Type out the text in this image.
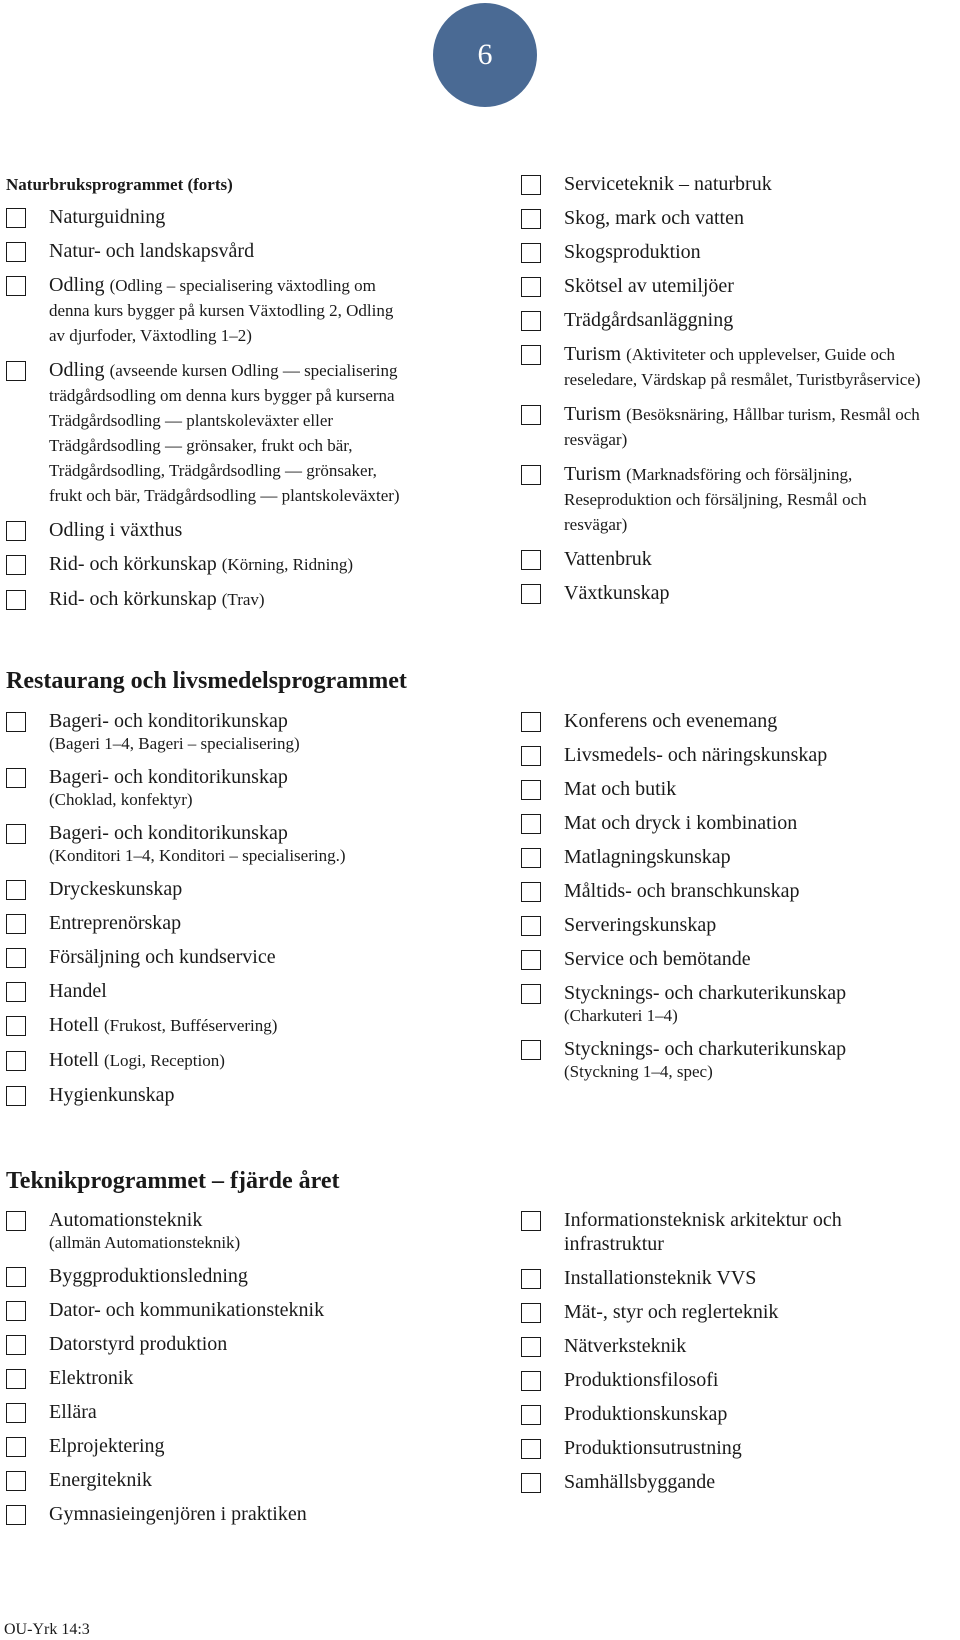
6
Naturbruksprogrammet (forts)
Naturguidning
Natur- och landskapsvård
Odling (Odling – specialisering växtodling om denna kurs bygger på kursen Växtodling 2, Odling av djurfoder, Växtodling 1–2)
Odling (avseende kursen Odling — specialisering trädgårdsodling om denna kurs bygger på kurserna Trädgårdsodling — plantskoleväxter eller Trädgårdsodling — grönsaker, frukt och bär, Trädgårdsodling, Trädgårdsodling — grönsaker, frukt och bär, Trädgårdsodling — plantskoleväxter)
Odling i växthus
Rid- och körkunskap (Körning, Ridning)
Rid- och körkunskap (Trav)
Serviceteknik – naturbruk
Skog, mark och vatten
Skogsproduktion
Skötsel av utemiljöer
Trädgårdsanläggning
Turism (Aktiviteter och upplevelser, Guide och reseledare, Värdskap på resmålet, Turistbyråservice)
Turism (Besöksnäring, Hållbar turism, Resmål och resvägar)
Turism (Marknadsföring och försäljning, Reseproduktion och försäljning, Resmål och resvägar)
Vattenbruk
Växtkunskap
Restaurang och livsmedelsprogrammet
Bageri- och konditorikunskap
(Bageri 1–4, Bageri – specialisering)
Bageri- och konditorikunskap
(Choklad, konfektyr)
Bageri- och konditorikunskap
(Konditori 1–4, Konditori – specialisering.)
Dryckeskunskap
Entreprenörskap
Försäljning och kundservice
Handel
Hotell (Frukost, Bufféservering)
Hotell (Logi, Reception)
Hygienkunskap
Konferens och evenemang
Livsmedels- och näringskunskap
Mat och butik
Mat och dryck i kombination
Matlagningskunskap
Måltids- och branschkunskap
Serveringskunskap
Service och bemötande
Stycknings- och charkuterikunskap
(Charkuteri 1–4)
Stycknings- och charkuterikunskap
(Styckning 1–4, spec)
Teknikprogrammet – fjärde året
Automationsteknik
(allmän Automationsteknik)
Byggproduktionsledning
Dator- och kommunikationsteknik
Datorstyrd produktion
Elektronik
Ellära
Elprojektering
Energiteknik
Gymnasieingenjören i praktiken
Informationsteknisk arkitektur och infrastruktur
Installationsteknik VVS
Mät-, styr och reglerteknik
Nätverksteknik
Produktionsfilosofi
Produktionskunskap
Produktionsutrustning
Samhällsbyggande
OU-Yrk 14:3
